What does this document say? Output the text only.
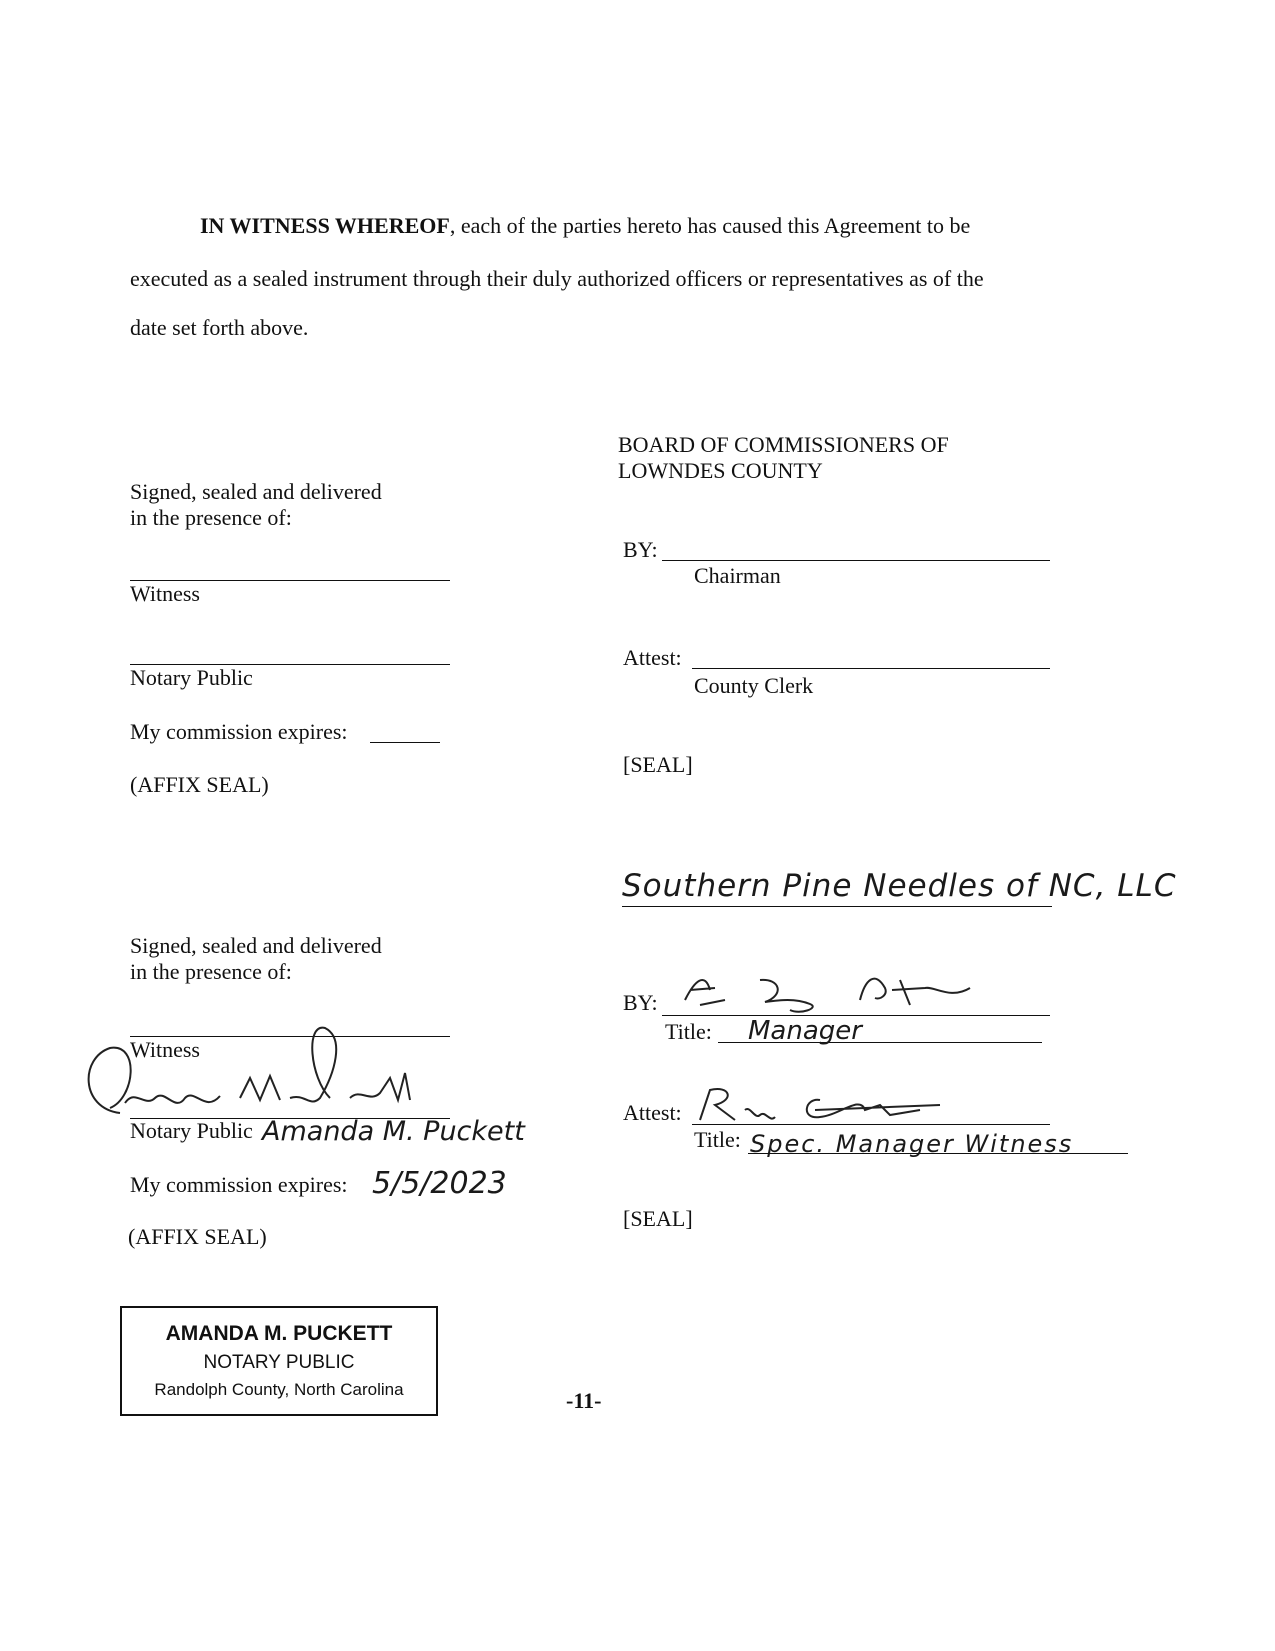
IN WITNESS WHEREOF, each of the parties hereto has caused this Agreement to be
executed as a sealed instrument through their duly authorized officers or representatives as of the
date set forth above.
BOARD OF COMMISSIONERS OF
LOWNDES COUNTY
BY:
Chairman
Attest:
County Clerk
[SEAL]
Signed, sealed and delivered
in the presence of:
Witness
Notary Public
My commission expires:
(AFFIX SEAL)
Southern Pine Needles of NC, LLC
BY:
Title: Manager
Attest:
Title: Spec. Manager Witness
[SEAL]
Signed, sealed and delivered
in the presence of:
Witness
Notary Public Amanda M. Puckett
My commission expires: 5/5/2023
(AFFIX SEAL)
AMANDA M. PUCKETT
NOTARY PUBLIC
Randolph County, North Carolina	-11-
